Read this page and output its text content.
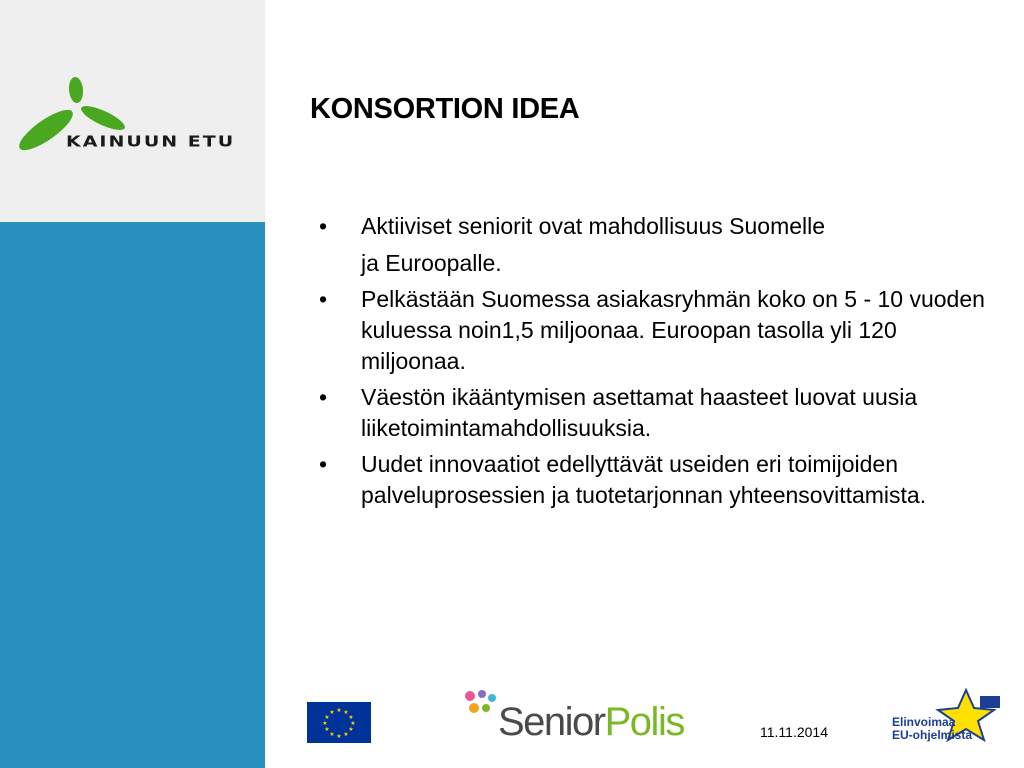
KAINUUN ETU
KONSORTION IDEA
• Aktiiviset seniorit ovat mahdollisuus Suomelle
ja Euroopalle.
• Pelkästään Suomessa asiakasryhmän koko on 5 - 10 vuoden kuluessa noin1,5 miljoonaa. Euroopan tasolla yli 120 miljoonaa.
• Väestön ikääntymisen asettamat haasteet luovat uusia liiketoimintamahdollisuuksia.
• Uudet innovaatiot edellyttävät useiden eri toimijoiden palveluprosessien ja tuotetarjonnan yhteensovittamista.
★ ★
★
★
★
★
★
★
★
★
★
★	SeniorPolis	11.11.2014
Elinvoimaa
EU-ohjelmista
